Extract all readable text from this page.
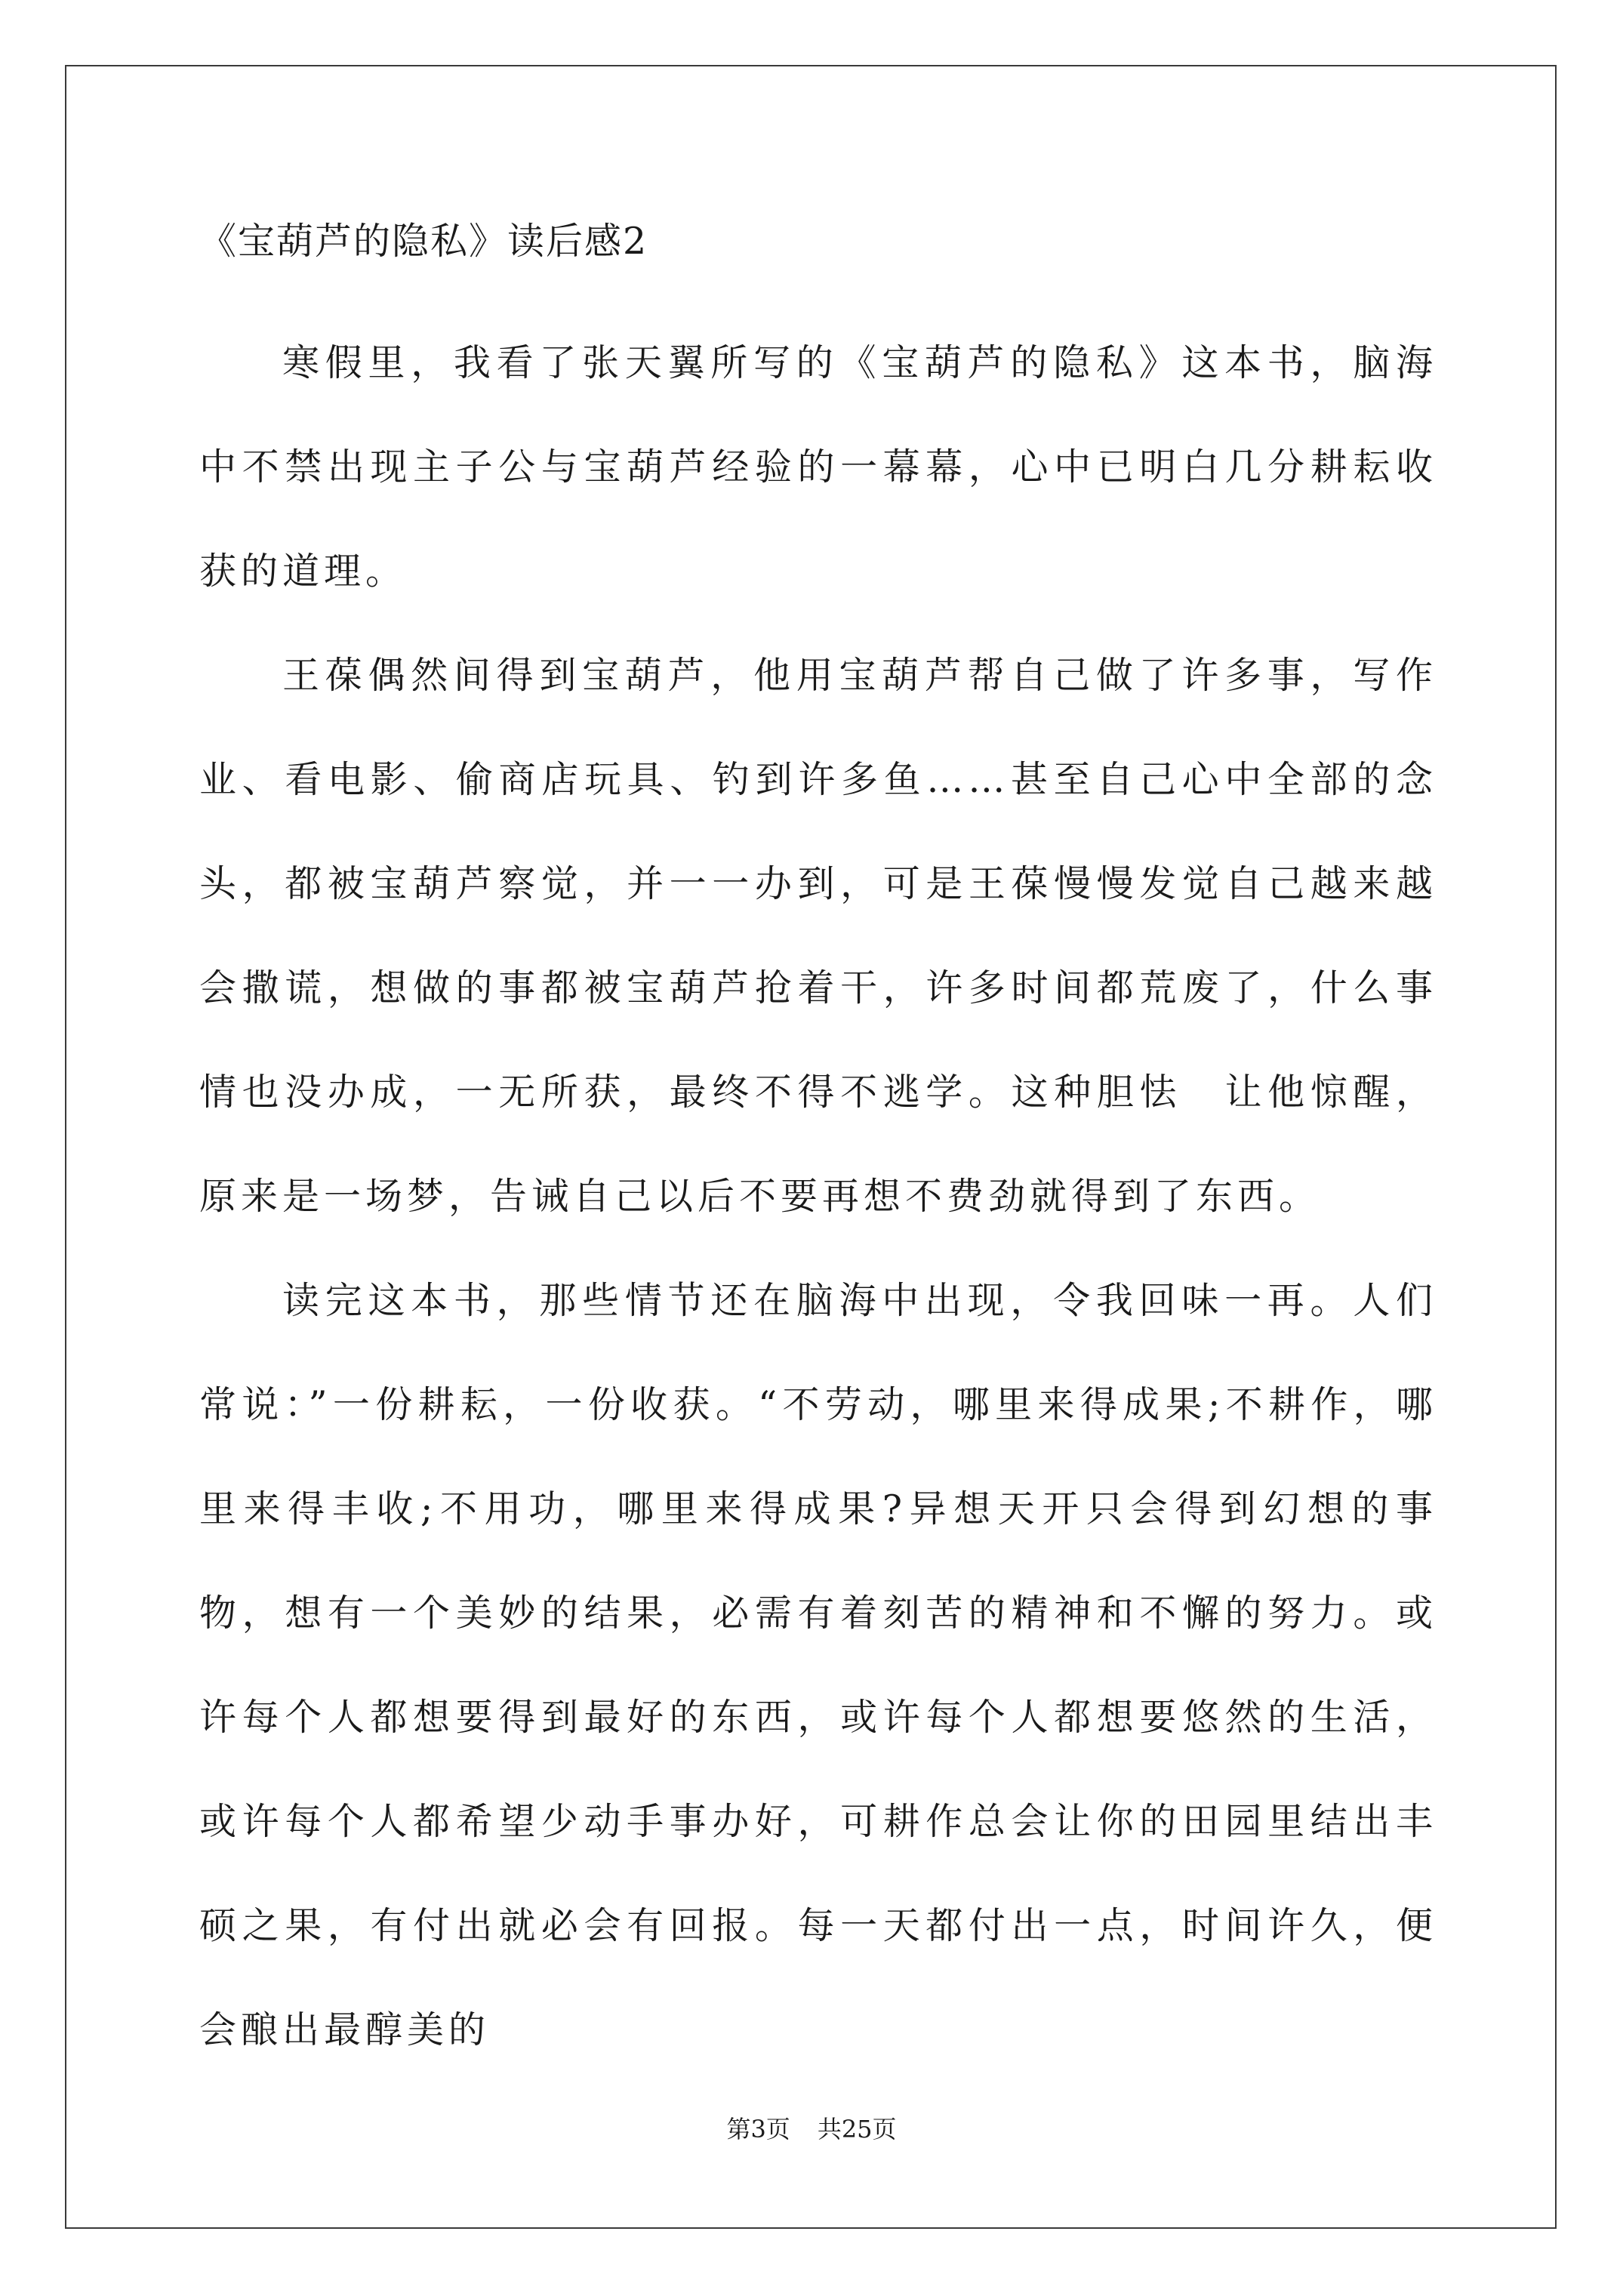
《宝葫芦的隐私》读后感2

寒假里，我看了张天翼所写的《宝葫芦的隐私》这本书，脑海中不禁出现主子公与宝葫芦经验的一幕幕，心中已明白几分耕耘收获的道理。

王葆偶然间得到宝葫芦，他用宝葫芦帮自己做了许多事，写作业、看电影、偷商店玩具、钓到许多鱼……甚至自己心中全部的念头，都被宝葫芦察觉，并一一办到，可是王葆慢慢发觉自己越来越会撒谎，想做的事都被宝葫芦抢着干，许多时间都荒废了，什么事情也没办成，一无所获，最终不得不逃学。这种胆怯　让他惊醒，原来是一场梦，告诫自己以后不要再想不费劲就得到了东西。

读完这本书，那些情节还在脑海中出现，令我回味一再。人们常说：”一份耕耘，一份收获。“不劳动，哪里来得成果;不耕作，哪里来得丰收;不用功，哪里来得成果?异想天开只会得到幻想的事物，想有一个美妙的结果，必需有着刻苦的精神和不懈的努力。或许每个人都想要得到最好的东西，或许每个人都想要悠然的生活，或许每个人都希望少动手事办好，可耕作总会让你的田园里结出丰硕之果，有付出就必会有回报。每一天都付出一点，时间许久，便会酿出最醇美的

第3页 共25页
